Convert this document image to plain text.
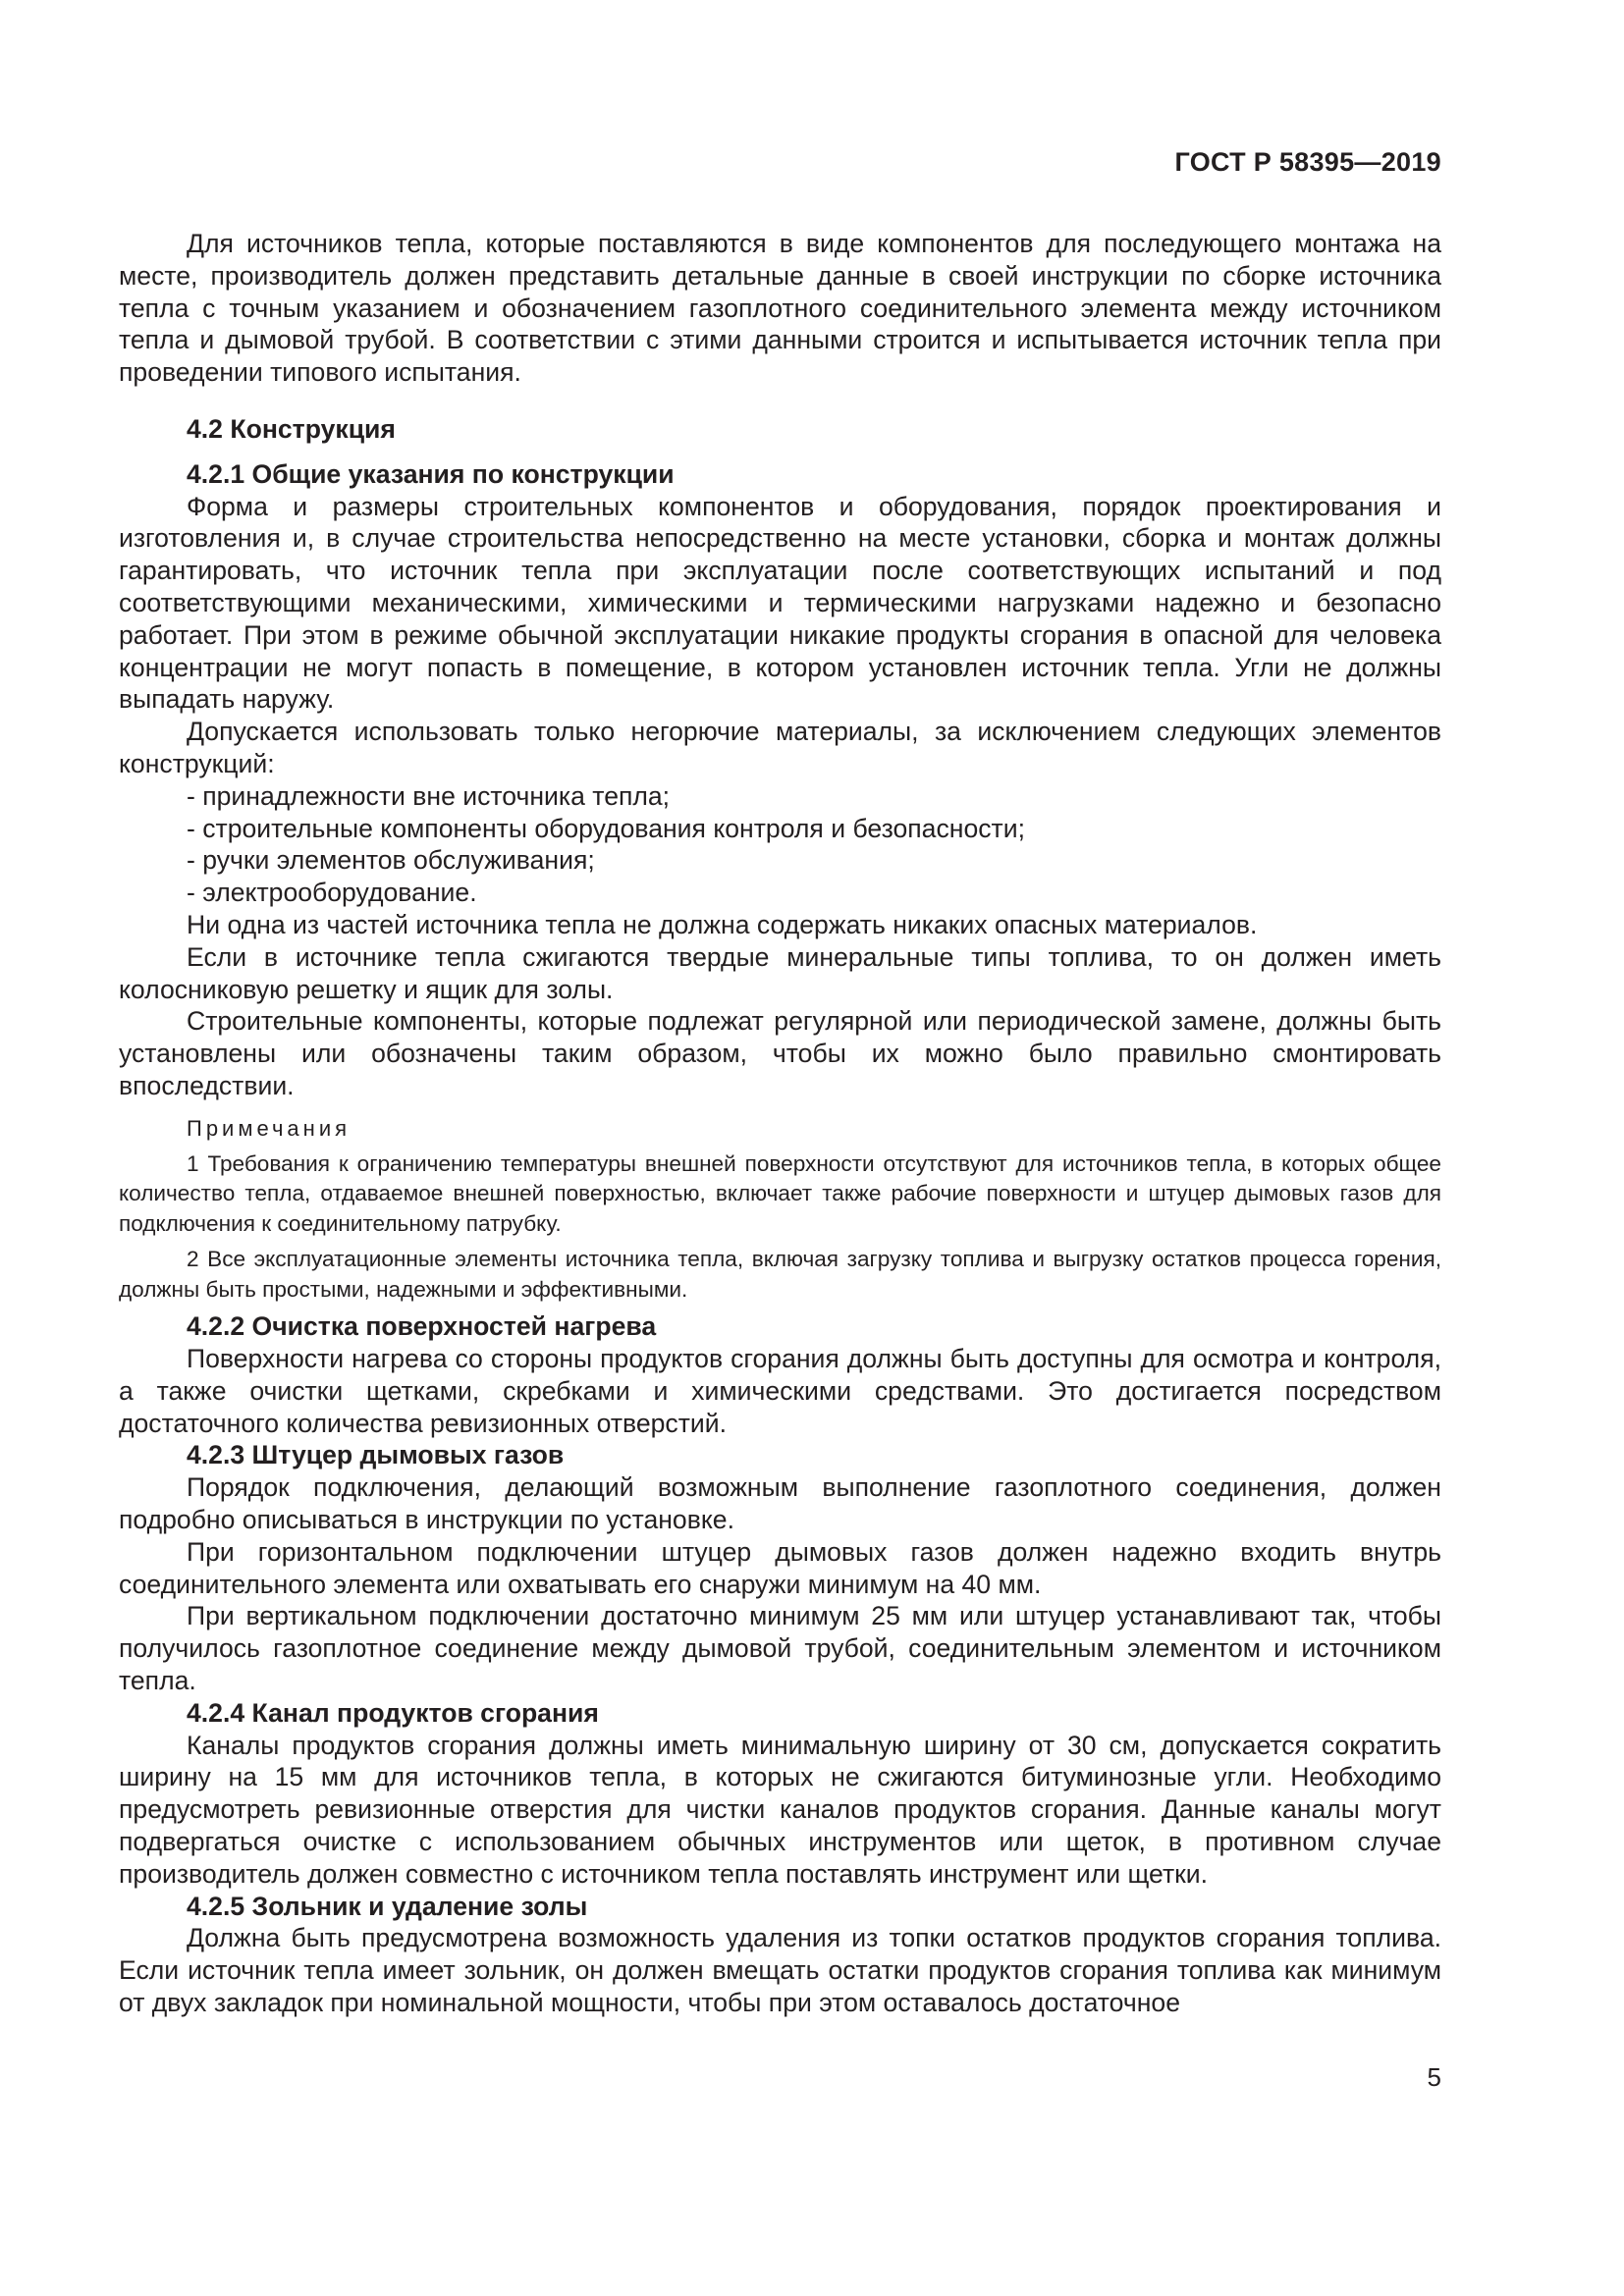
ГОСТ Р 58395—2019

Для источников тепла, которые поставляются в виде компонентов для последующего монтажа на месте, производитель должен представить детальные данные в своей инструкции по сборке источника тепла с точным указанием и обозначением газоплотного соединительного элемента между источником тепла и дымовой трубой. В соответствии с этими данными строится и испытывается источник тепла при проведении типового испытания.

4.2 Конструкция
4.2.1 Общие указания по конструкции

Форма и размеры строительных компонентов и оборудования, порядок проектирования и изготовления и, в случае строительства непосредственно на месте установки, сборка и монтаж должны гарантировать, что источник тепла при эксплуатации после соответствующих испытаний и под соответствующими механическими, химическими и термическими нагрузками надежно и безопасно работает. При этом в режиме обычной эксплуатации никакие продукты сгорания в опасной для человека концентрации не могут попасть в помещение, в котором установлен источник тепла. Угли не должны выпадать наружу.

Допускается использовать только негорючие материалы, за исключением следующих элементов конструкций:

- принадлежности вне источника тепла;
- строительные компоненты оборудования контроля и безопасности;
- ручки элементов обслуживания;
- электрооборудование.

Ни одна из частей источника тепла не должна содержать никаких опасных материалов.

Если в источнике тепла сжигаются твердые минеральные типы топлива, то он должен иметь колосниковую решетку и ящик для золы.

Строительные компоненты, которые подлежат регулярной или периодической замене, должны быть установлены или обозначены таким образом, чтобы их можно было правильно смонтировать впоследствии.

Примечания
1 Требования к ограничению температуры внешней поверхности отсутствуют для источников тепла, в которых общее количество тепла, отдаваемое внешней поверхностью, включает также рабочие поверхности и штуцер дымовых газов для подключения к соединительному патрубку.
2 Все эксплуатационные элементы источника тепла, включая загрузку топлива и выгрузку остатков процесса горения, должны быть простыми, надежными и эффективными.
4.2.2 Очистка поверхностей нагрева

Поверхности нагрева со стороны продуктов сгорания должны быть доступны для осмотра и контроля, а также очистки щетками, скребками и химическими средствами. Это достигается посредством достаточного количества ревизионных отверстий.

4.2.3 Штуцер дымовых газов

Порядок подключения, делающий возможным выполнение газоплотного соединения, должен подробно описываться в инструкции по установке.

При горизонтальном подключении штуцер дымовых газов должен надежно входить внутрь соединительного элемента или охватывать его снаружи минимум на 40 мм.

При вертикальном подключении достаточно минимум 25 мм или штуцер устанавливают так, чтобы получилось газоплотное соединение между дымовой трубой, соединительным элементом и источником тепла.

4.2.4 Канал продуктов сгорания

Каналы продуктов сгорания должны иметь минимальную ширину от 30 см, допускается сократить ширину на 15 мм для источников тепла, в которых не сжигаются битуминозные угли. Необходимо предусмотреть ревизионные отверстия для чистки каналов продуктов сгорания. Данные каналы могут подвергаться очистке с использованием обычных инструментов или щеток, в противном случае производитель должен совместно с источником тепла поставлять инструмент или щетки.

4.2.5 Зольник и удаление золы

Должна быть предусмотрена возможность удаления из топки остатков продуктов сгорания топлива. Если источник тепла имеет зольник, он должен вмещать остатки продуктов сгорания топлива как минимум от двух закладок при номинальной мощности, чтобы при этом оставалось достаточное

5
